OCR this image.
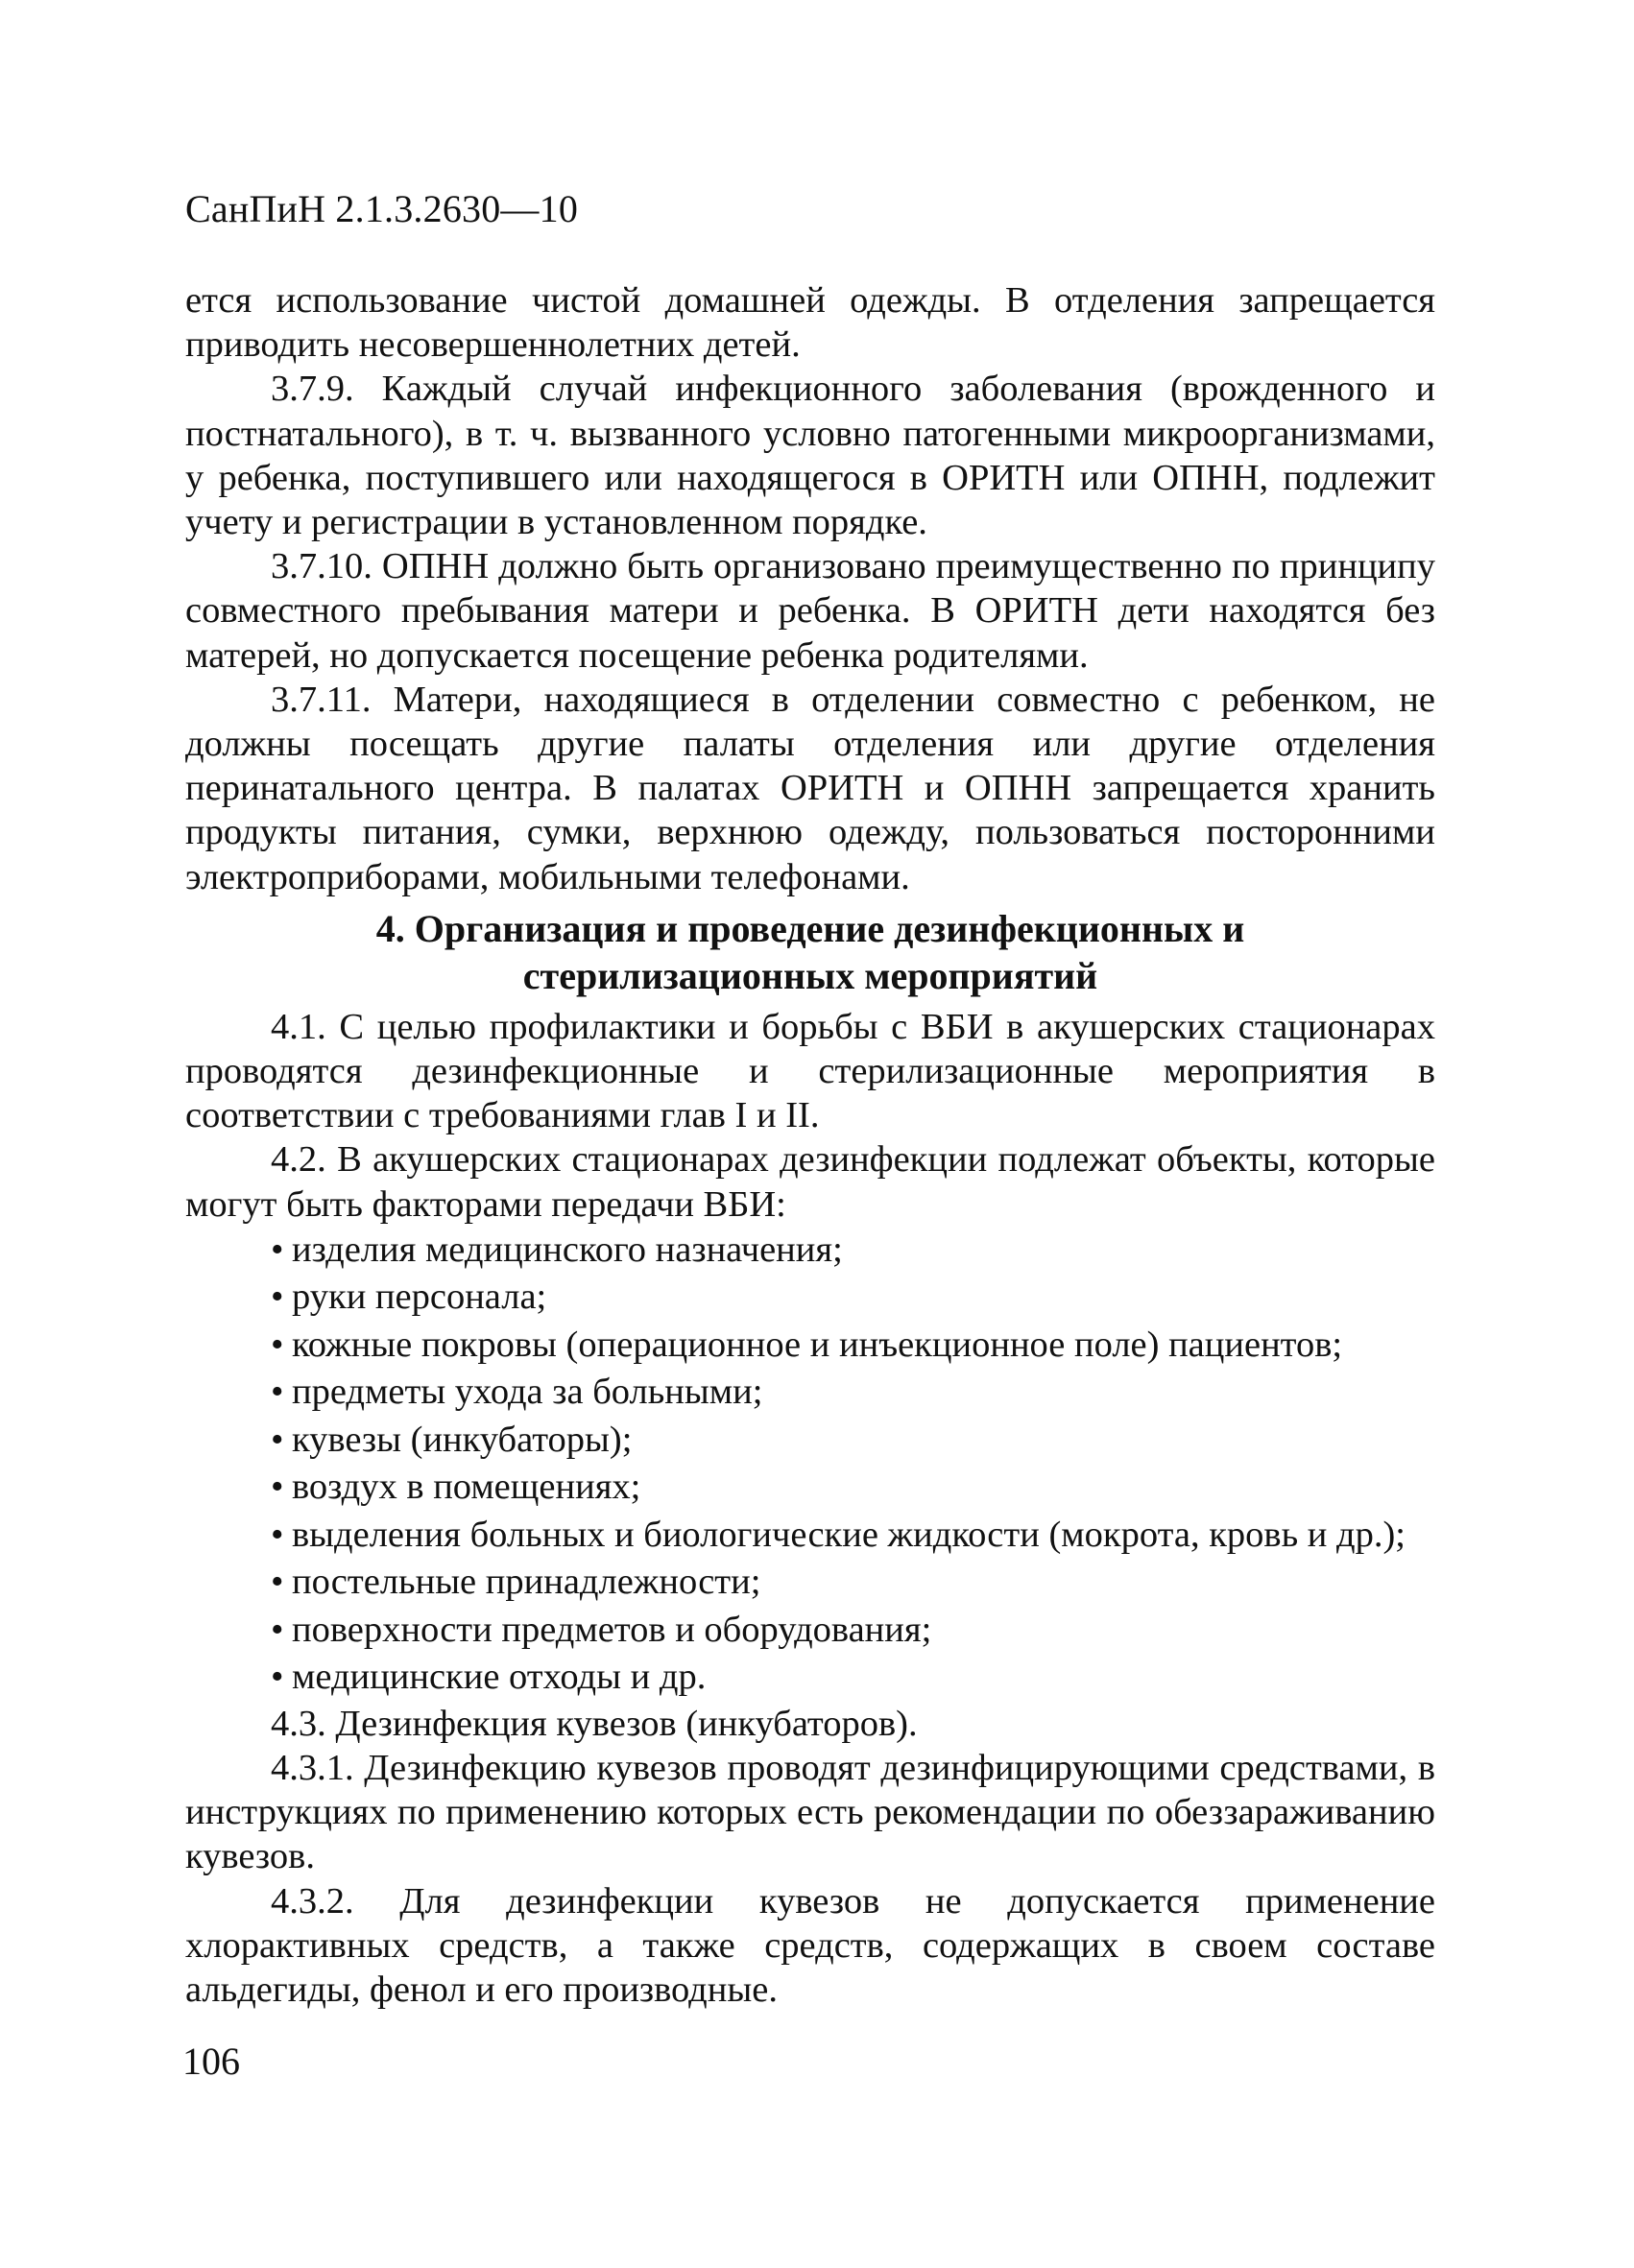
СанПиН 2.1.3.2630—10

ется использование чистой домашней одежды. В отделения запрещается приводить несовершеннолетних детей.

3.7.9. Каждый случай инфекционного заболевания (врожденного и постнатального), в т. ч. вызванного условно патогенными микроорганизмами, у ребенка, поступившего или находящегося в ОРИТН или ОПНН, подлежит учету и регистрации в установленном порядке.

3.7.10. ОПНН должно быть организовано преимущественно по принципу совместного пребывания матери и ребенка. В ОРИТН дети находятся без матерей, но допускается посещение ребенка родителями.

3.7.11. Матери, находящиеся в отделении совместно с ребенком, не должны посещать другие палаты отделения или другие отделения перинатального центра. В палатах ОРИТН и ОПНН запрещается хранить продукты питания, сумки, верхнюю одежду, пользоваться посторонними электроприборами, мобильными телефонами.

4. Организация и проведение дезинфекционных и
стерилизационных мероприятий

4.1. С целью профилактики и борьбы с ВБИ в акушерских стационарах проводятся дезинфекционные и стерилизационные мероприятия в соответствии с требованиями глав I и II.

4.2. В акушерских стационарах дезинфекции подлежат объекты, которые могут быть факторами передачи ВБИ:

• изделия медицинского назначения;
• руки персонала;
• кожные покровы (операционное и инъекционное поле) пациентов;
• предметы ухода за больными;
• кувезы (инкубаторы);
• воздух в помещениях;
• выделения больных и биологические жидкости (мокрота, кровь и др.);
• постельные принадлежности;
• поверхности предметов и оборудования;
• медицинские отходы и др.

4.3. Дезинфекция кувезов (инкубаторов).

4.3.1. Дезинфекцию кувезов проводят дезинфицирующими средствами, в инструкциях по применению которых есть рекомендации по обеззараживанию кувезов.

4.3.2. Для дезинфекции кувезов не допускается применение хлорактивных средств, а также средств, содержащих в своем составе альдегиды, фенол и его производные.

106
